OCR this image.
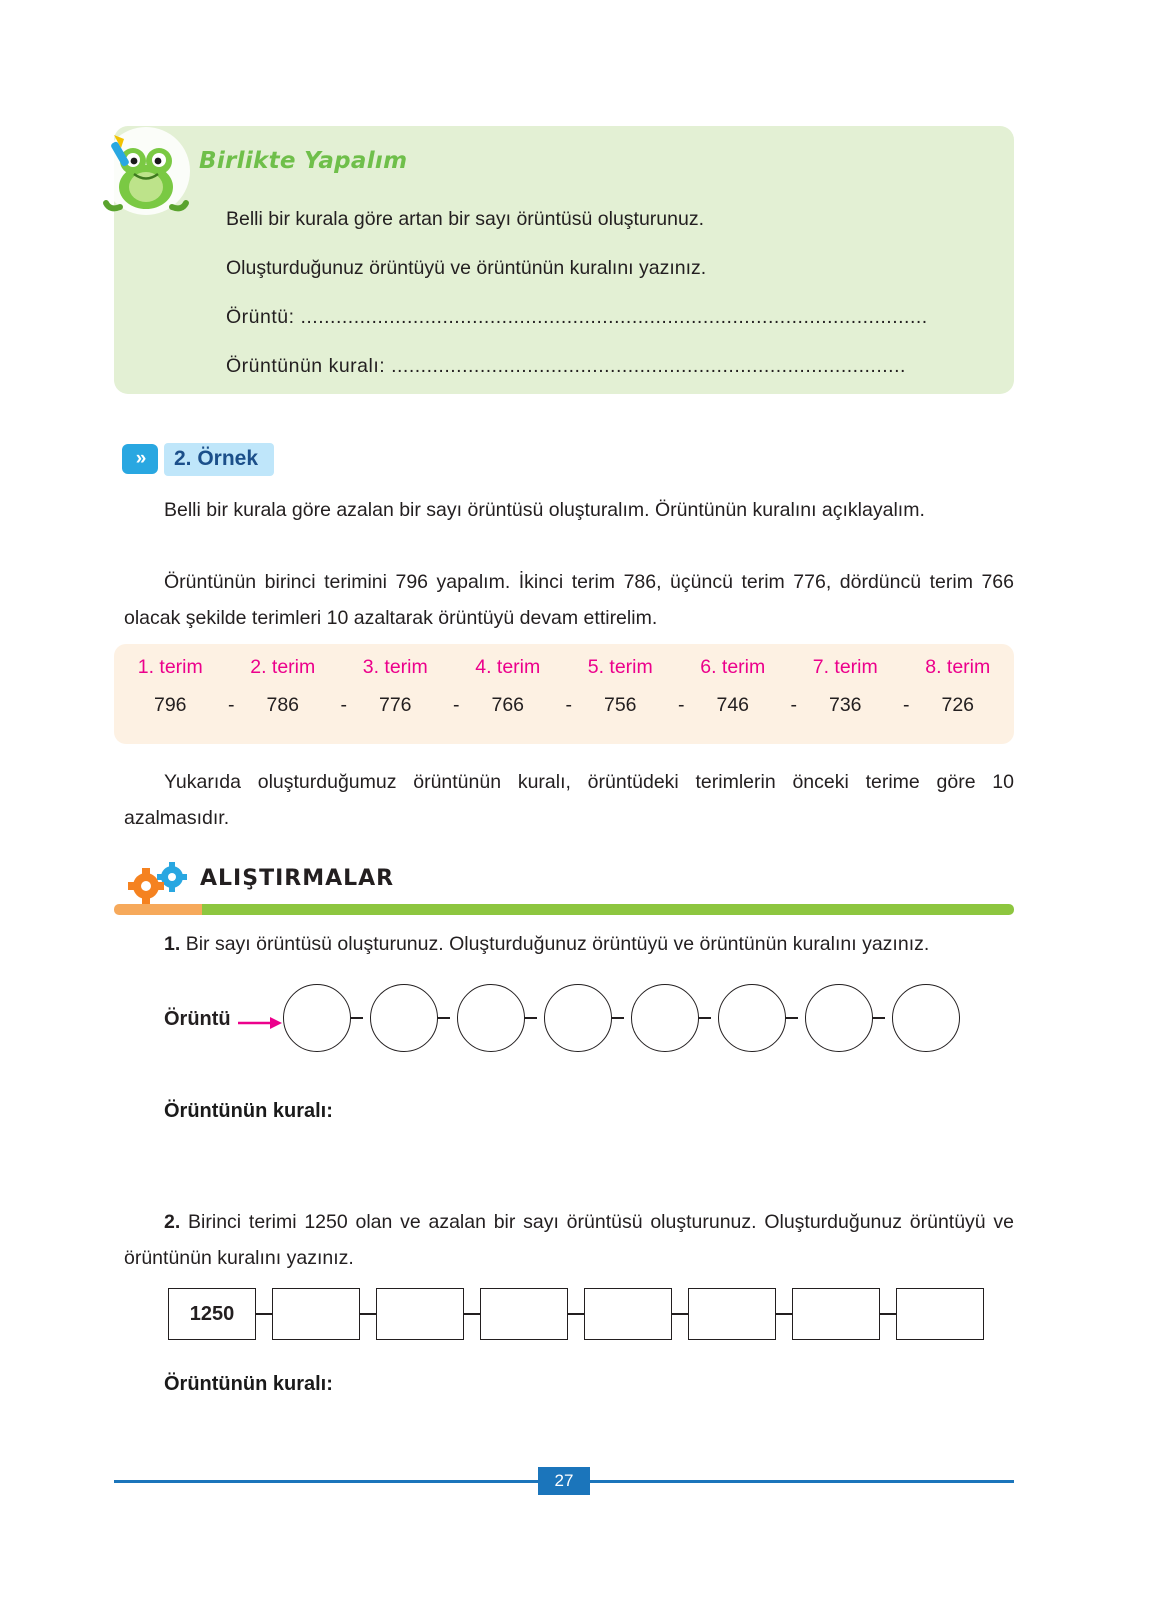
Birlikte Yapalım
Belli bir kurala göre artan bir sayı örüntüsü oluşturunuz.
Oluşturduğunuz örüntüyü ve örüntünün kuralını yazınız.
Örüntü: ..........................................................................................................
Örüntünün kuralı: .......................................................................................
»	2. Örnek
Belli bir kurala göre azalan bir sayı örüntüsü oluşturalım. Örüntünün kuralını açıklayalım.
Örüntünün birinci terimini 796 yapalım. İkinci terim 786, üçüncü terim 776, dördüncü terim 766 olacak şekilde terimleri 10 azaltarak örüntüyü devam ettirelim.
1. terim	2. terim	3. terim	4. terim	5. terim	6. terim	7. terim	8. terim
796 -	786 -	776 -	766 -	756 -	746 -	736 -	726
Yukarıda oluşturduğumuz örüntünün kuralı, örüntüdeki terimlerin önceki terime göre 10 azalmasıdır.
ALIŞTIRMALAR
1. Bir sayı örüntüsü oluşturunuz. Oluşturduğunuz örüntüyü ve örüntünün kuralını yazınız.
Örüntü
Örüntünün kuralı:
2. Birinci terimi 1250 olan ve azalan bir sayı örüntüsü oluşturunuz. Oluşturduğunuz örüntüyü ve örüntünün kuralını yazınız.
1250
Örüntünün kuralı:
27
